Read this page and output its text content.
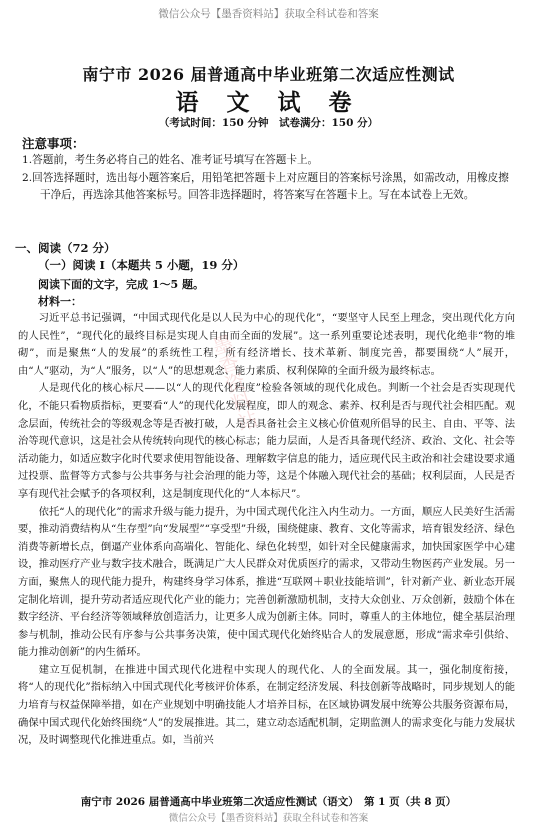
微信公众号【墨香资料站】获取全科试卷和答案
南宁市 2026 届普通高中毕业班第二次适应性测试
语 文 试 卷
（考试时间：150 分钟　试卷满分：150 分）
注意事项：
1.答题前，考生务必将自己的姓名、准考证号填写在答题卡上。
2.回答选择题时，选出每小题答案后，用铅笔把答题卡上对应题目的答案标号涂黑，如需改动，用橡皮擦干净后，再选涂其他答案标号。回答非选择题时，将答案写在答题卡上。写在本试卷上无效。
一、阅读（72 分）
（一）阅读 Ⅰ（本题共 5 小题，19 分）
阅读下面的文字，完成 1～5 题。
材料一：

习近平总书记强调，“中国式现代化是以人民为中心的现代化”，“要坚守人民至上理念，突出现代化方向的人民性”，“现代化的最终目标是实现人自由而全面的发展”。这一系列重要论述表明，现代化绝非“物的堆砌”，而是聚焦“人的发展”的系统性工程，所有经济增长、技术革新、制度完善，都要围绕“人”展开，由“人”驱动，为“人”服务，以“人”的思想观念、能力素质、权利保障的全面升级为最终标志。

人是现代化的核心标尺——以“人的现代化程度”检验各领域的现代化成色。判断一个社会是否实现现代化，不能只看物质指标，更要看“人”的现代化发展程度，即人的观念、素养、权利是否与现代社会相匹配。观念层面，传统社会的等级观念等是否被打破，人是否具备社会主义核心价值观所倡导的民主、自由、平等、法治等现代意识，这是社会从传统转向现代的核心标志；能力层面，人是否具备现代经济、政治、文化、社会等活动能力，如适应数字化时代要求使用智能设备、理解数字信息的能力，适应现代民主政治和社会建设要求通过投票、监督等方式参与公共事务与社会治理的能力等，这是个体融入现代社会的基础；权利层面，人民是否享有现代社会赋予的各项权利，这是制度现代化的“人本标尺”。

依托“人的现代化”的需求升级与能力提升，为中国式现代化注入内生动力。一方面，顺应人民美好生活需要，推动消费结构从“生存型”向“发展型”“享受型”升级，围绕健康、教育、文化等需求，培育银发经济、绿色消费等新增长点，倒逼产业体系向高端化、智能化、绿色化转型，如针对全民健康需求，加快国家医学中心建设，推动医疗产业与数字技术融合，既满足广大人民群众对优质医疗的需求，又带动生物医药产业发展。另一方面，聚焦人的现代能力提升，构建终身学习体系，推进“互联网＋职业技能培训”，针对新产业、新业态开展定制化培训，提升劳动者适应现代化产业的能力；完善创新激励机制，支持大众创业、万众创新，鼓励个体在数字经济、平台经济等领域释放创造活力，让更多人成为创新主体。同时，尊重人的主体地位，健全基层治理参与机制，推动公民有序参与公共事务决策，使中国式现代化始终贴合人的发展意愿，形成“需求牵引供给、能力推动创新”的内生循环。

建立互促机制，在推进中国式现代化进程中实现人的现代化、人的全面发展。其一，强化制度衔接，将“人的现代化”指标纳入中国式现代化考核评价体系，在制定经济发展、科技创新等战略时，同步规划人的能力培育与权益保障举措，如在产业规划中明确技能人才培养目标，在区域协调发展中统筹公共服务资源布局，确保中国式现代化始终围绕“人”的发展推进。其二，建立动态适配机制，定期监测人的需求变化与能力发展状况，及时调整现代化推进重点。如，当前兴

墨香资料站
南宁市 2026 届普通高中毕业班第二次适应性测试（语文）　第 1 页（共 8 页）
微信公众号【墨香资料站】获取全科试卷和答案
